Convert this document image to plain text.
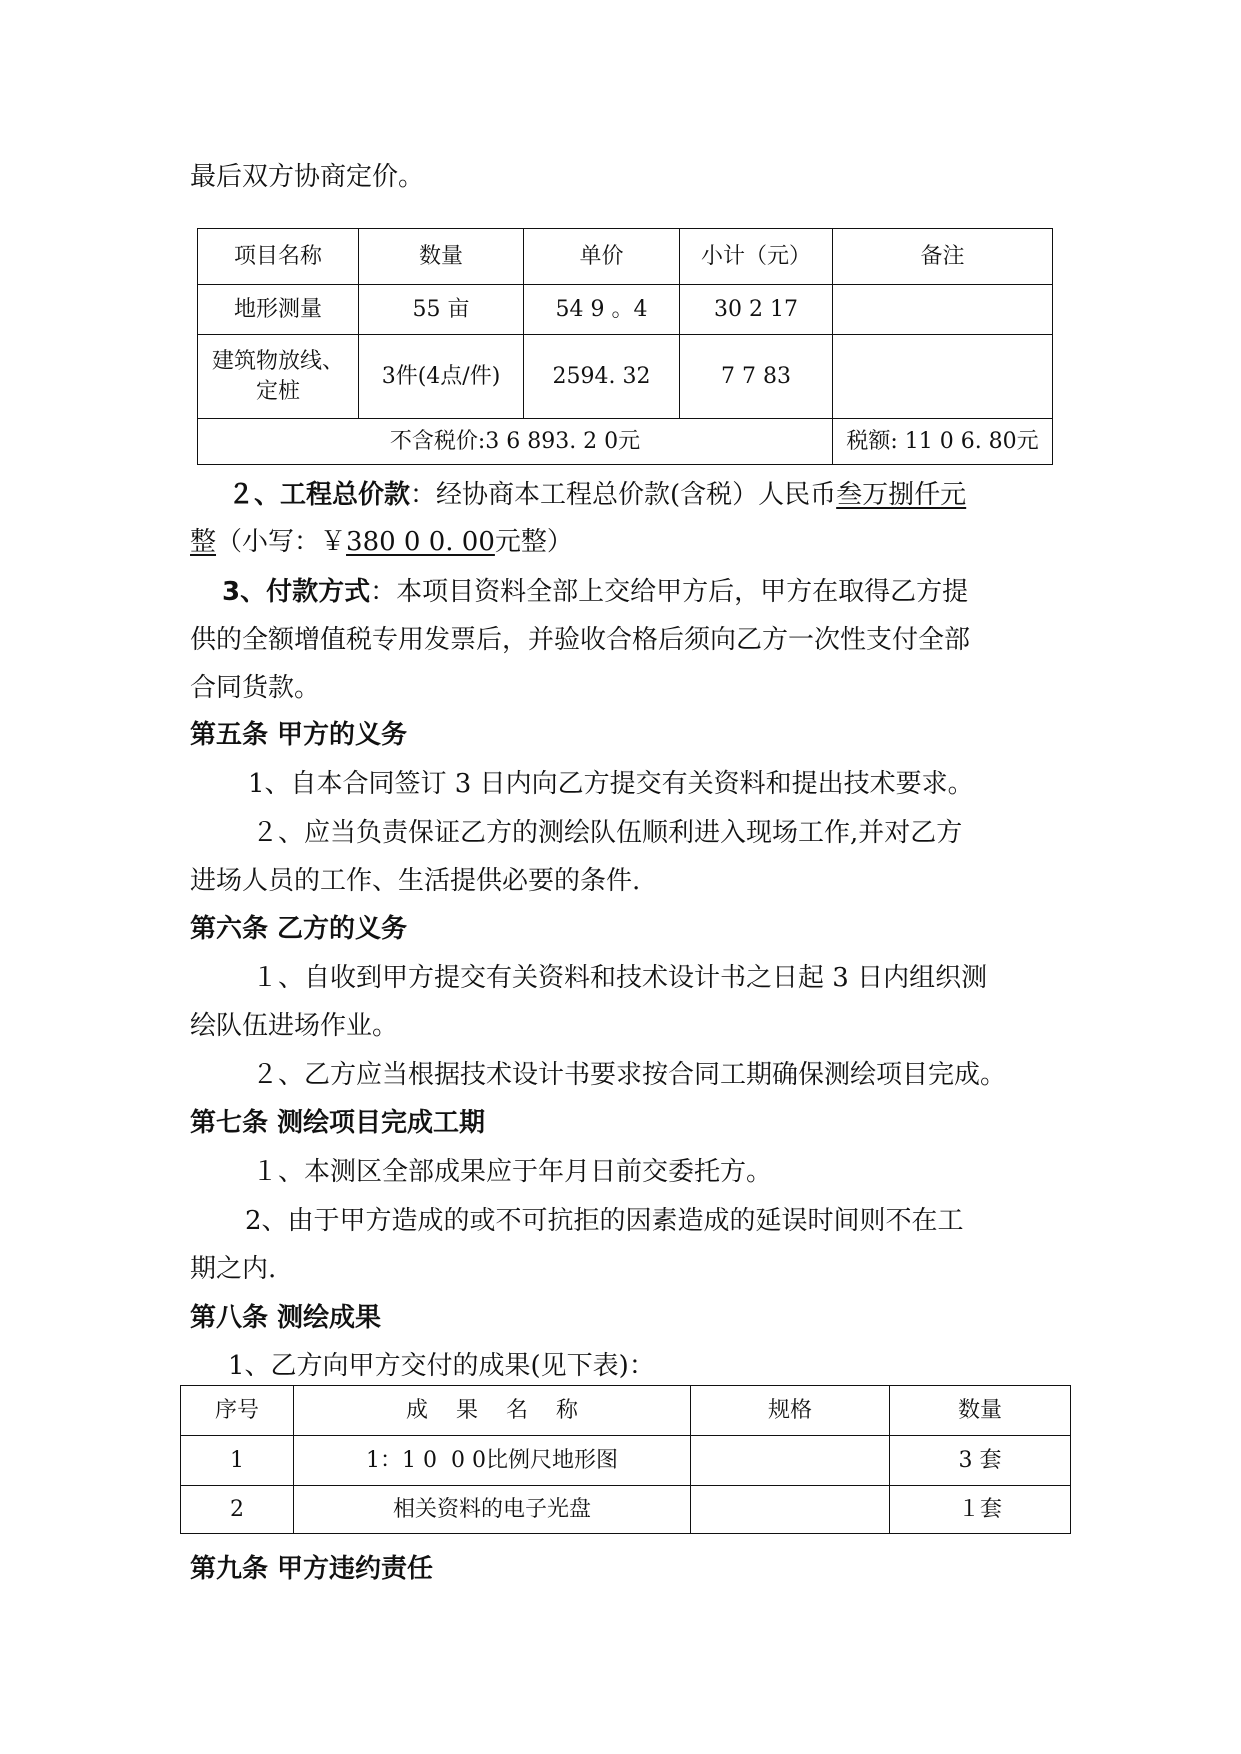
最后双方协商定价。
项目名称	数量	单价	小计（元）	备注
地形测量	55 亩	54 9 。4	30 2 17	

建筑物放线、
定桩	3件(4点/件)	2594. 32	7 7 83	
不含税价:3 6 893. 2 0元				税额: 11 0 6. 80元
２、工程总价款：经协商本工程总价款(含税）人民币叁万捌仟元
整（小写：￥380 0 0. 00元整）
3、付款方式：本项目资料全部上交给甲方后，甲方在取得乙方提
供的全额增值税专用发票后，并验收合格后须向乙方一次性支付全部
合同货款。
第五条 甲方的义务
1、自本合同签订 3 日内向乙方提交有关资料和提出技术要求。
２、应当负责保证乙方的测绘队伍顺利进入现场工作,并对乙方
进场人员的工作、生活提供必要的条件.
第六条 乙方的义务
１、自收到甲方提交有关资料和技术设计书之日起 3 日内组织测
绘队伍进场作业。
２、乙方应当根据技术设计书要求按合同工期确保测绘项目完成。
第七条 测绘项目完成工期
１、本测区全部成果应于年月日前交委托方。
2、由于甲方造成的或不可抗拒的因素造成的延误时间则不在工
期之内.
第八条 测绘成果
1、乙方向甲方交付的成果(见下表)：
序号	成    果    名    称	规格	数量
1	1：1 0  0 0比例尺地形图		3 套
2	相关资料的电子光盘		１套
第九条 甲方违约责任
